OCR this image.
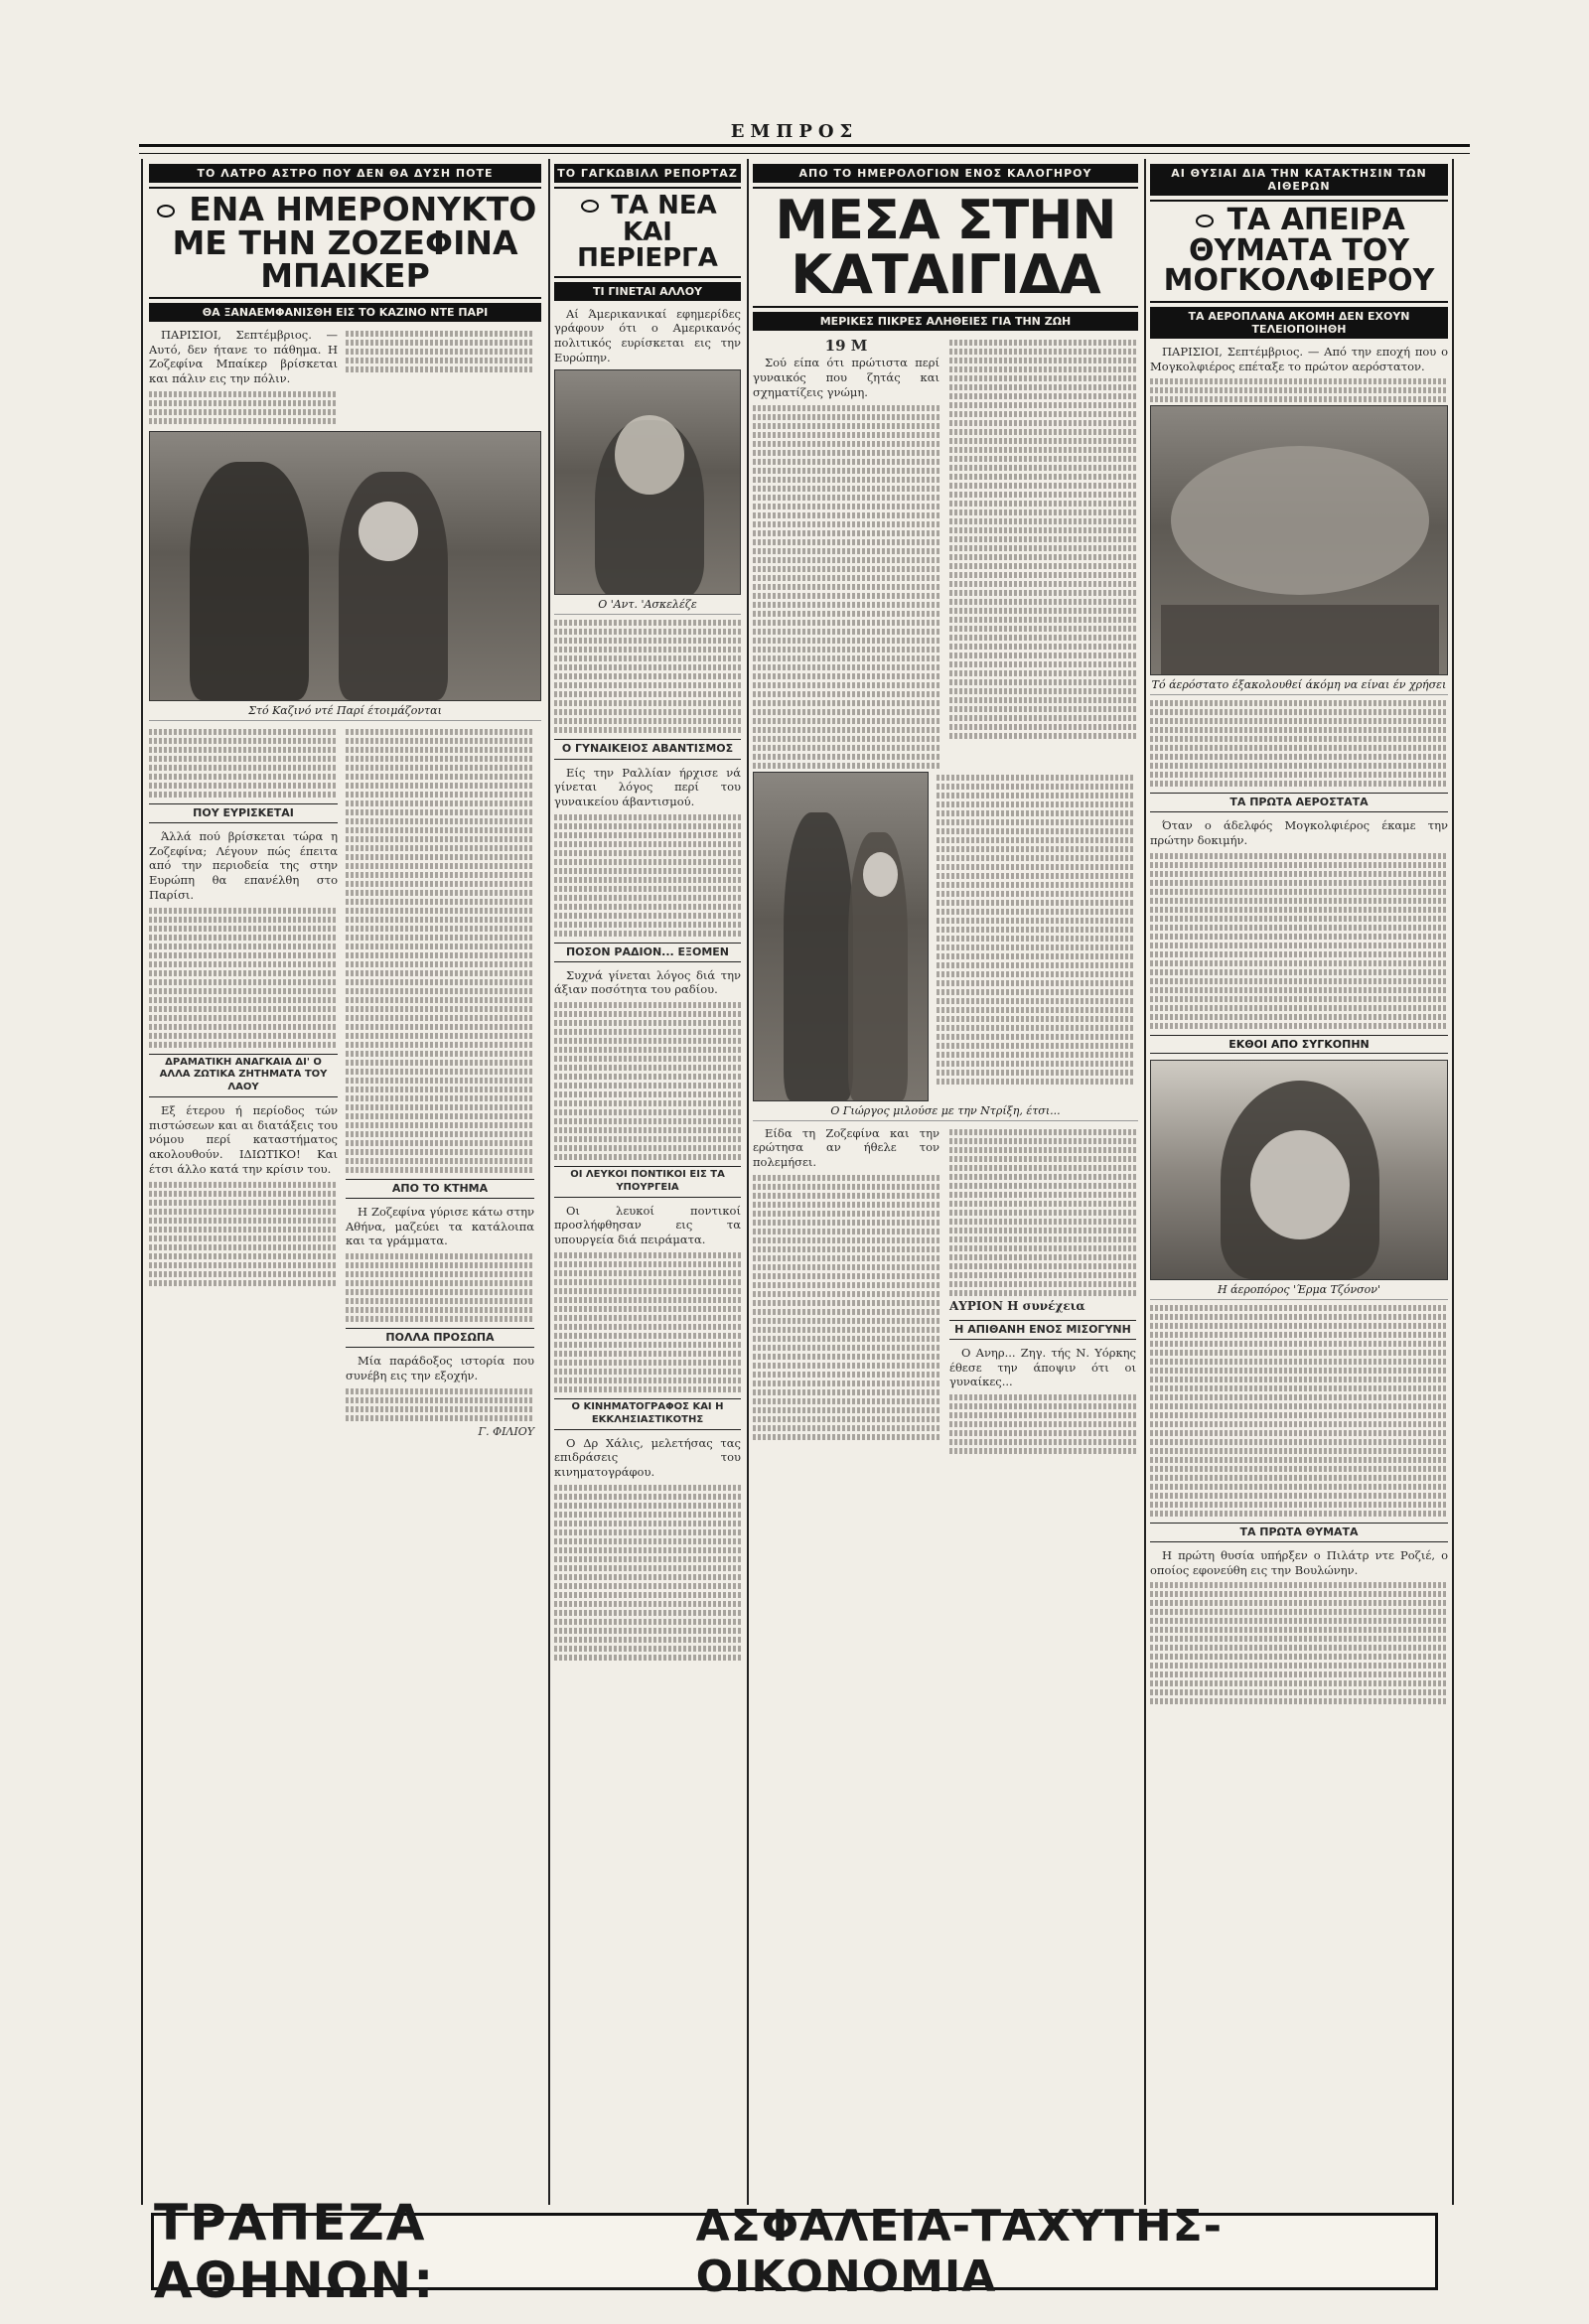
ΕΜΠΡΟΣ
ΤΟ ΛΑΤΡΟ ΑΣΤΡΟ ΠΟΥ ΔΕΝ ΘΑ ΔΥΣΗ ΠΟΤΕ
ΕΝΑ ΗΜΕΡΟΝΥΚΤΟ ΜΕ ΤΗΝ ΖΟΖΕΦΙΝΑ ΜΠΑΙΚΕΡ
ΘΑ ΞΑΝΑΕΜΦΑΝΙΣΘΗ ΕΙΣ ΤΟ ΚΑΖΙΝΟ ΝΤΕ ΠΑΡΙ

ΠΑΡΙΣΙΟΙ, Σεπτέμβριος. — Αυτό, δεν ήτανε το πάθημα. Η Ζοζεφίνα Μπαίκερ βρίσκεται και πάλιν εις την πόλιν.

Στό Καζινό ντέ Παρί έτοιμάζονται
ΠΟΥ ΕΥΡΙΣΚΕΤΑΙ

Άλλά πού βρίσκεται τώρα η Ζοζεφίνα; Λέγουν πώς έπειτα από την περιοδεία της στην Ευρώπη θα επανέλθη στο Παρίσι.

ΔΡΑΜΑΤΙΚΗ ΑΝΑΓΚΑΙΑ ΔΙ' Ο ΑΛΛΑ ΖΩΤΙΚΑ ΖΗΤΗΜΑΤΑ ΤΟΥ ΛΑΟΥ

Εξ έτερου ή περίοδος τών πιστώσεων και αι διατάξεις του νόμου περί καταστήματος ακολουθούν. ΙΔΙΩΤΙΚΟ! Και έτσι άλλο κατά την κρίσιν του.

ΑΠΟ ΤΟ ΚΤΗΜΑ

Η Ζοζεφίνα γύρισε κάτω στην Αθήνα, μαζεύει τα κατάλοιπα και τα γράμματα.

ΠΟΛΛΑ ΠΡΟΣΩΠΑ

Μία παράδοξος ιστορία που συνέβη εις την εξοχήν.

Γ. ΦΙΛΙΟΥ
ΤΟ ΓΑΓΚΩΒΙΛΛ ΡΕΠΟΡΤΑΖ
ΤΑ ΝΕΑ ΚΑΙ ΠΕΡΙΕΡΓΑ
ΤΙ ΓΙΝΕΤΑΙ ΑΛΛΟΥ

Αί Άμερικανικαί εφημερίδες γράφουν ότι ο Αμερικανός πολιτικός ευρίσκεται εις την Ευρώπην.

Ο 'Αντ. 'Ασκελέζε
Ο ΓΥΝΑΙΚΕΙΟΣ ΑΒΑΝΤΙΣΜΟΣ

Είς την Ραλλίαν ήρχισε νά γίνεται λόγος περί του γυναικείου άβαντισμού.

ΠΟΣΟΝ ΡΑΔΙΟΝ... ΕΞΟΜΕΝ

Συχνά γίνεται λόγος διά την άξιαν ποσότητα του ραδίου.

ΟΙ ΛΕΥΚΟΙ ΠΟΝΤΙΚΟΙ ΕΙΣ ΤΑ ΥΠΟΥΡΓΕΙΑ

Οι λευκοί ποντικοί προσλήφθησαν εις τα υπουργεία διά πειράματα.

Ο ΚΙΝΗΜΑΤΟΓΡΑΦΟΣ ΚΑΙ Η ΕΚΚΛΗΣΙΑΣΤΙΚΟΤΗΣ

Ο Δρ Χάλις, μελετήσας τας επιδράσεις του κινηματογράφου.

ΑΠΟ ΤΟ ΗΜΕΡΟΛΟΓΙΟΝ ΕΝΟΣ ΚΑΛΟΓΗΡΟΥ
ΜΕΣΑ ΣΤΗΝ ΚΑΤΑΙΓΙΔΑ
ΜΕΡΙΚΕΣ ΠΙΚΡΕΣ ΑΛΗΘΕΙΕΣ ΓΙΑ ΤΗΝ ΖΩΗ
19 Μ

Σού είπα ότι πρώτιστα περί γυναικός που ζητάς και σχηματίζεις γνώμη.

Ο Γιώργος μιλούσε με την Ντρίξη, έτσι...

Είδα τη Ζοζεφίνα και την ερώτησα αν ήθελε τον πολεμήσει.

ΑΥΡΙΟΝ Η συνέχεια
Η ΑΠΙΘΑΝΗ ΕΝΟΣ ΜΙΣΟΓΥΝΗ

Ο Ανηρ... Ζηγ. τής Ν. Υόρκης έθεσε την άποψιν ότι οι γυναίκες...

ΑΙ ΘΥΣΙΑΙ ΔΙΑ ΤΗΝ ΚΑΤΑΚΤΗΣΙΝ ΤΩΝ ΑΙΘΕΡΩΝ
ΤΑ ΑΠΕΙΡΑ ΘΥΜΑΤΑ ΤΟΥ ΜΟΓΚΟΛΦΙΕΡΟΥ
ΤΑ ΑΕΡΟΠΛΑΝΑ ΑΚΟΜΗ ΔΕΝ ΕΧΟΥΝ ΤΕΛΕΙΟΠΟΙΗΘΗ

ΠΑΡΙΣΙΟΙ, Σεπτέμβριος. — Από την εποχή που ο Μογκολφιέρος επέταξε το πρώτον αερόστατον.

Τό άερόστατο έξακολουθεί άκόμη να είναι έν χρήσει
ΤΑ ΠΡΩΤΑ ΑΕΡΟΣΤΑΤΑ

Όταν ο άδελφός Μογκολφιέρος έκαμε την πρώτην δοκιμήν.

ΕΚΘΟΙ ΑΠΟ ΣΥΓΚΟΠΗΝ
Η άεροπόρος 'Έρμα Τζόνσον'
ΤΑ ΠΡΩΤΑ ΘΥΜΑΤΑ

Η πρώτη θυσία υπήρξεν ο Πιλάτρ ντε Ροζιέ, ο οποίος εφονεύθη εις την Βουλώνην.

ΤΡΑΠΕΖΑ ΑΘΗΝΩΝ:
ΑΣΦΑΛΕΙΑ-ΤΑΧΥΤΗΣ-ΟΙΚΟΝΟΜΙΑ
